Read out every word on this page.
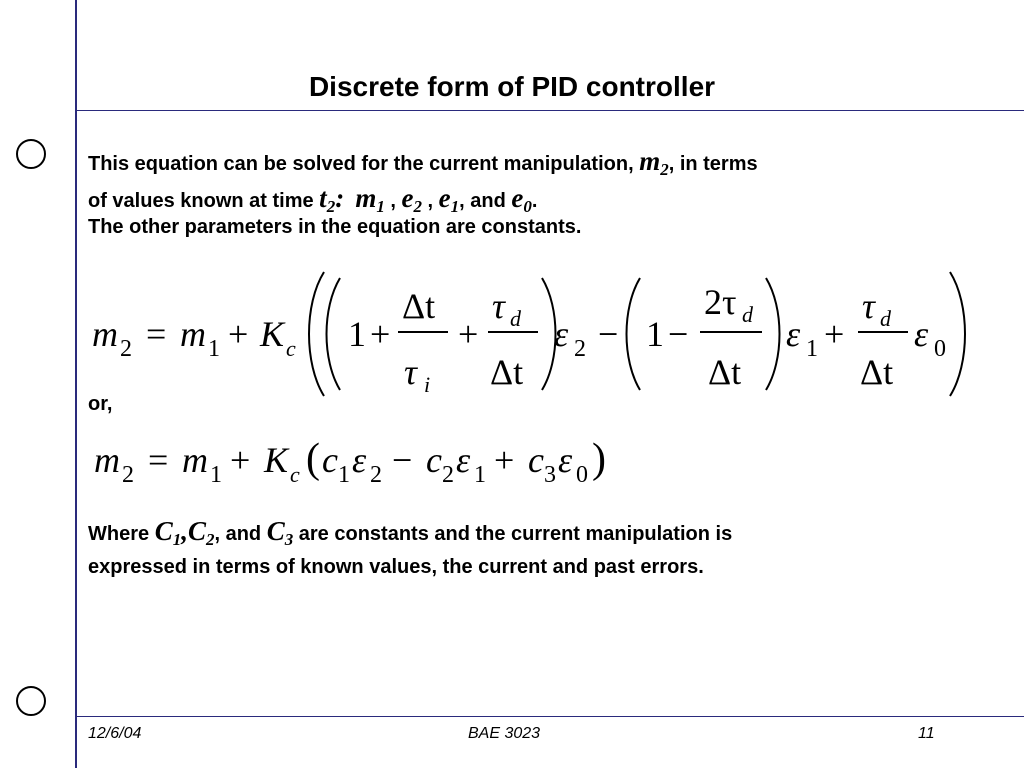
Discrete form of PID controller
This equation can be solved for the current manipulation, $m_2$, in terms
of values known at time $t_2$: $m_1$ , $e_2$ , $e_1$, and $e_0$.
The other parameters in the equation are constants.
m 2 = m 1 + K c 1 +
Δt
τ i
+
τ d
Δt
ε 2 − 1 −
2τ d
Δt
ε 1 +
τ d
Δt
ε 0
or,
m 2 = m 1 + K c ( c 1 ε 2 − c 2 ε 1 + c 3 ε 0 )
Where $C_1,C_2$, and $C_3$ are constants and the current manipulation is
expressed in terms of known values, the current and past errors.
12/6/04	BAE 3023	11
